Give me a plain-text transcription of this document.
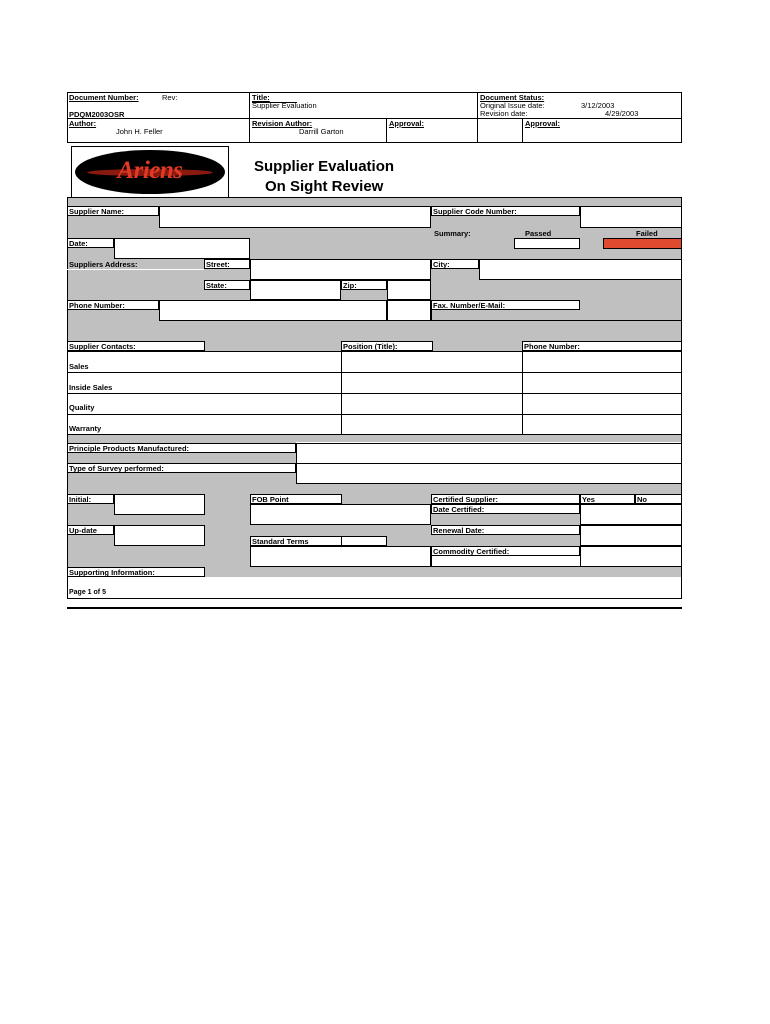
Document Number:	Rev:
PDQM2003OSR
Author:
John H. Feller
Title:
Supplier Evaluation
Revision Author:
Darrill Garton
Approval:
Document Status:
Original Issue date:	3/12/2003
Revision date:	4/29/2003
Approval:
Ariens	Supplier Evaluation
On Sight Review
Supplier Name:	Supplier Code Number:
Summary:	Passed	Failed
Date:
Suppliers Address:	Street:	City:
State:	Zip:
Phone Number:	Fax. Number/E-Mail:
Supplier Contacts:	Position (Title):	Phone Number:
Sales
Inside Sales
Quality
Warranty
Principle Products Manufactured:
Type of Survey performed:
Initial:	FOB Point	Certified Supplier:	Yes	No
Date Certified:
Up-date	Renewal Date:
Standard Terms
Commodity Certified:
Supporting Information:
Page 1 of 5
